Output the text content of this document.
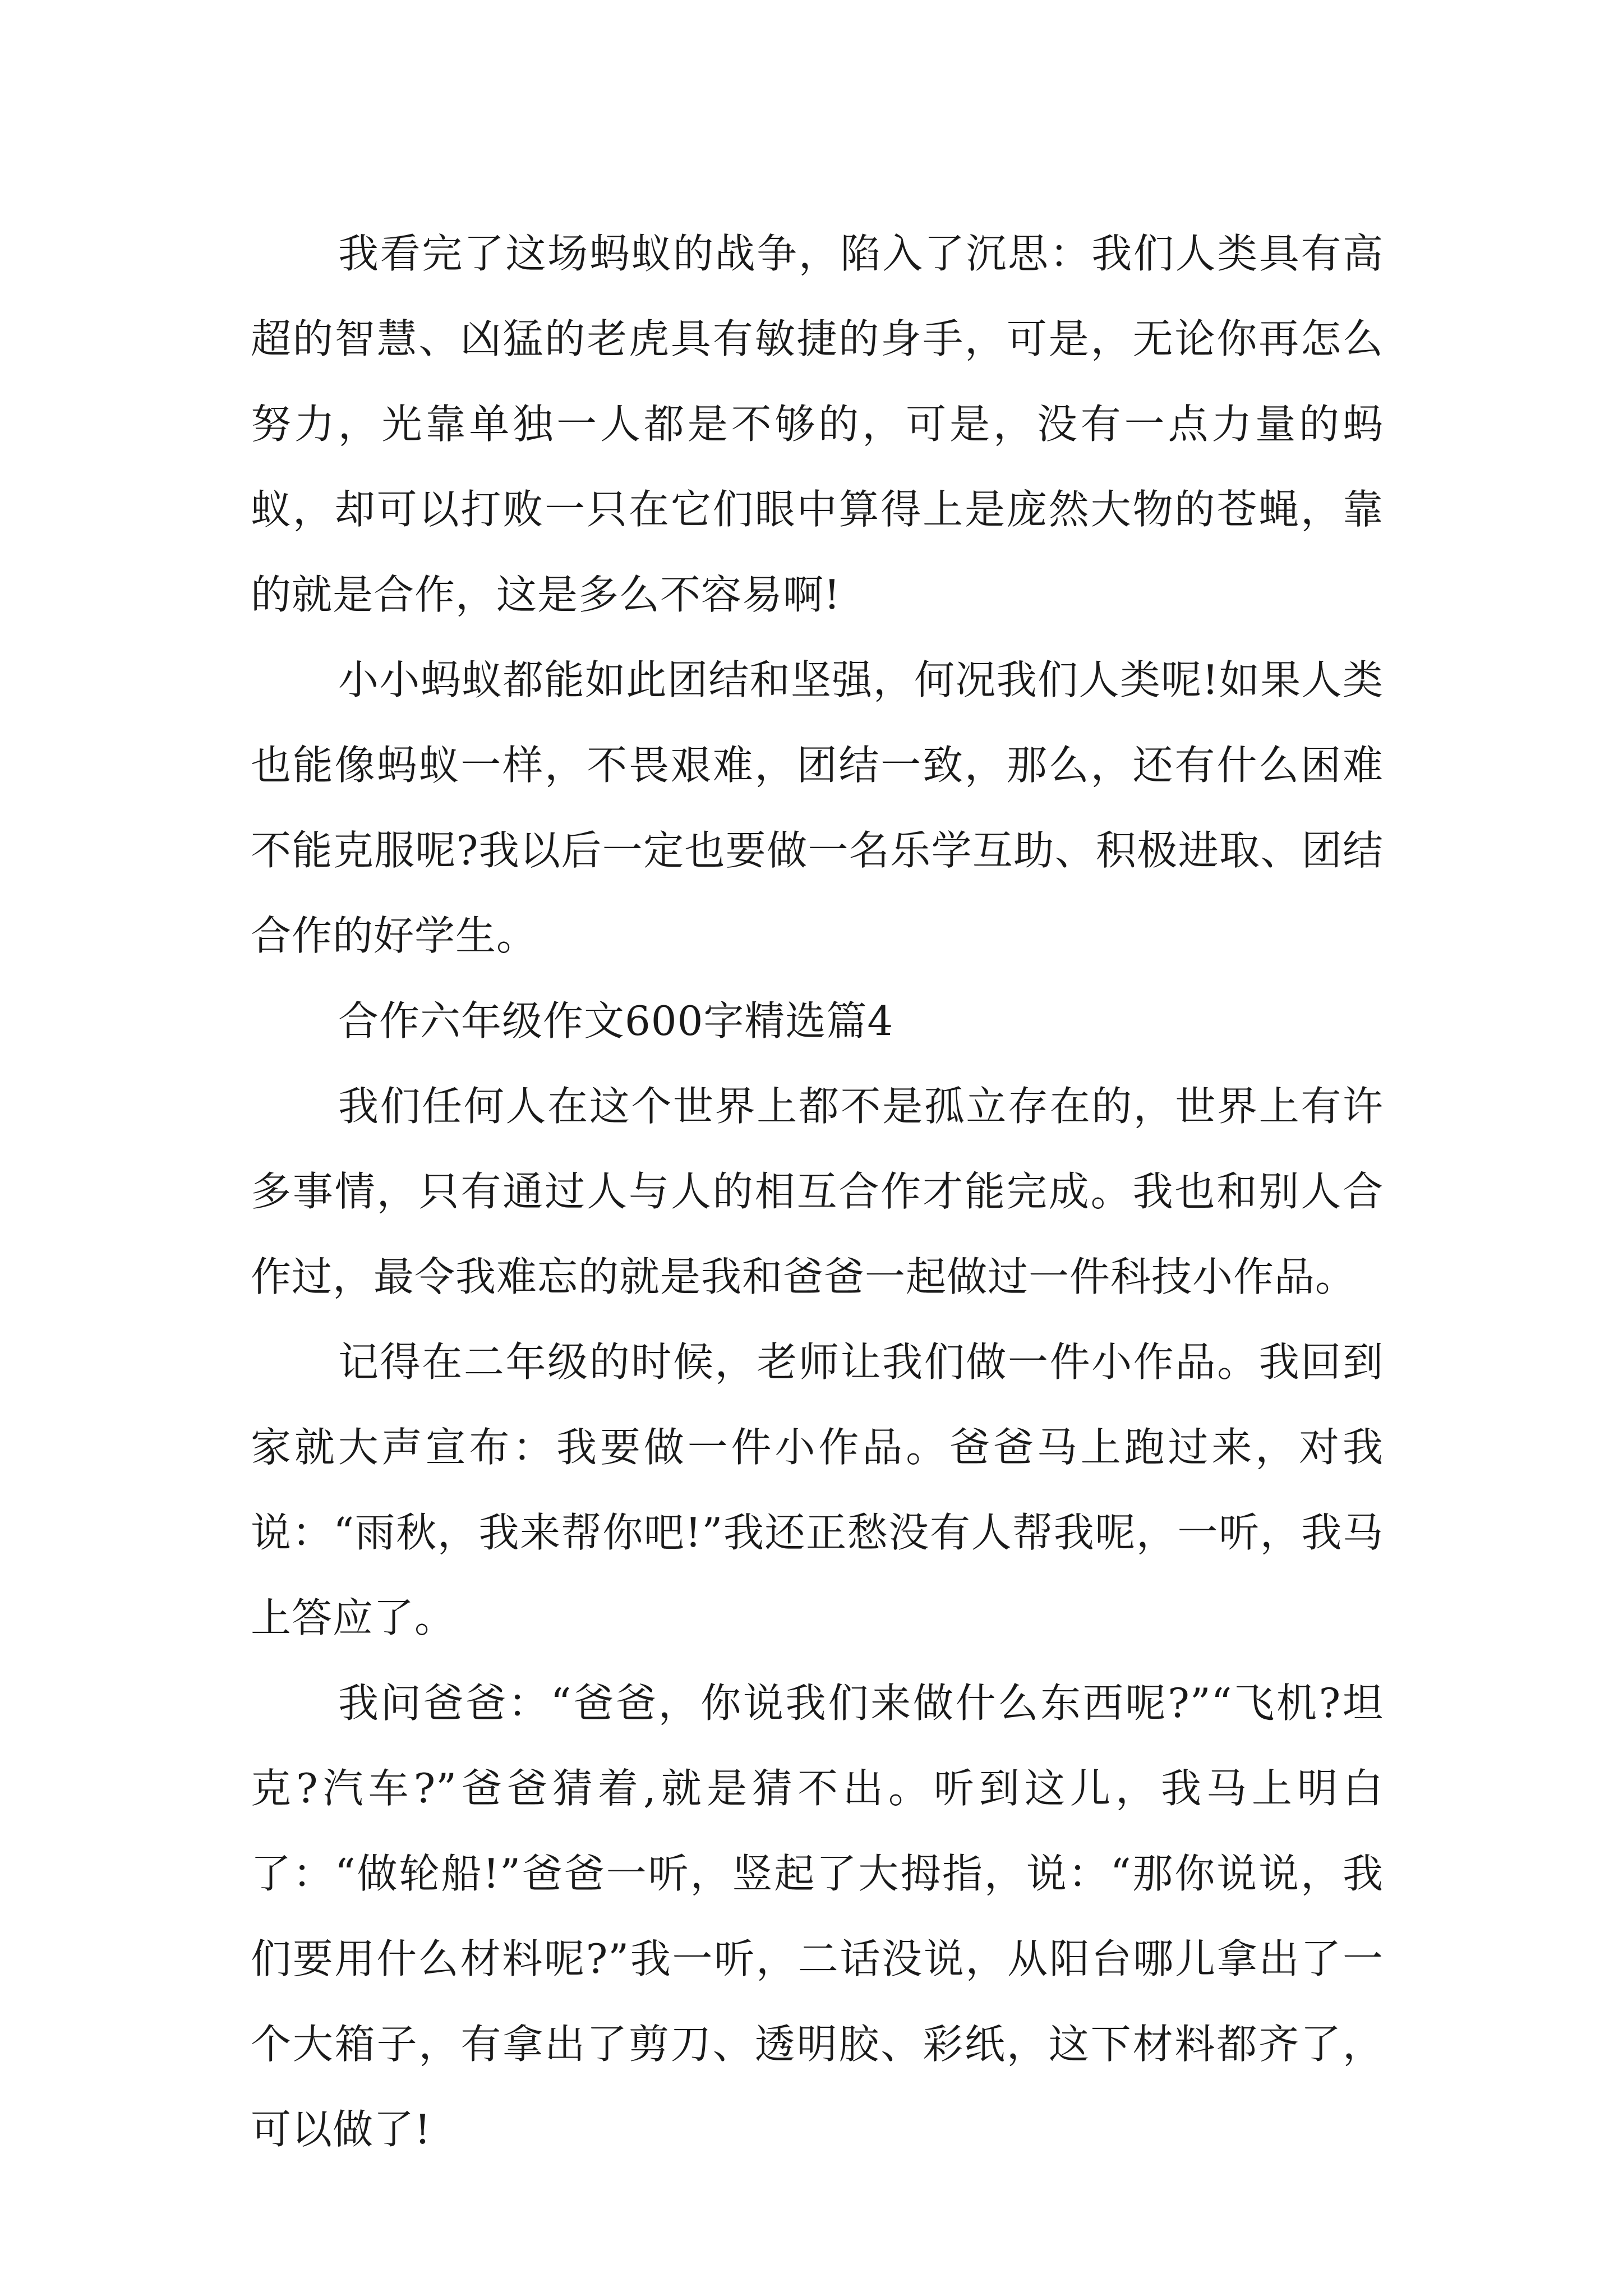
我看完了这场蚂蚁的战争，陷入了沉思：我们人类具有高超的智慧、凶猛的老虎具有敏捷的身手，可是，无论你再怎么努力，光靠单独一人都是不够的，可是，没有一点力量的蚂蚁，却可以打败一只在它们眼中算得上是庞然大物的苍蝇，靠的就是合作，这是多么不容易啊!

小小蚂蚁都能如此团结和坚强，何况我们人类呢!如果人类也能像蚂蚁一样，不畏艰难，团结一致，那么，还有什么困难不能克服呢?我以后一定也要做一名乐学互助、积极进取、团结合作的好学生。

合作六年级作文600字精选篇4

我们任何人在这个世界上都不是孤立存在的，世界上有许多事情，只有通过人与人的相互合作才能完成。我也和别人合作过，最令我难忘的就是我和爸爸一起做过一件科技小作品。

记得在二年级的时候，老师让我们做一件小作品。我回到家就大声宣布：我要做一件小作品。爸爸马上跑过来，对我说：“雨秋，我来帮你吧!”我还正愁没有人帮我呢，一听，我马上答应了。

我问爸爸：“爸爸，你说我们来做什么东西呢?”“飞机?坦克?汽车?”爸爸猜着,就是猜不出。听到这儿，我马上明白了：“做轮船!”爸爸一听，竖起了大拇指，说：“那你说说，我们要用什么材料呢?”我一听，二话没说，从阳台哪儿拿出了一个大箱子，有拿出了剪刀、透明胶、彩纸，这下材料都齐了，可以做了!
